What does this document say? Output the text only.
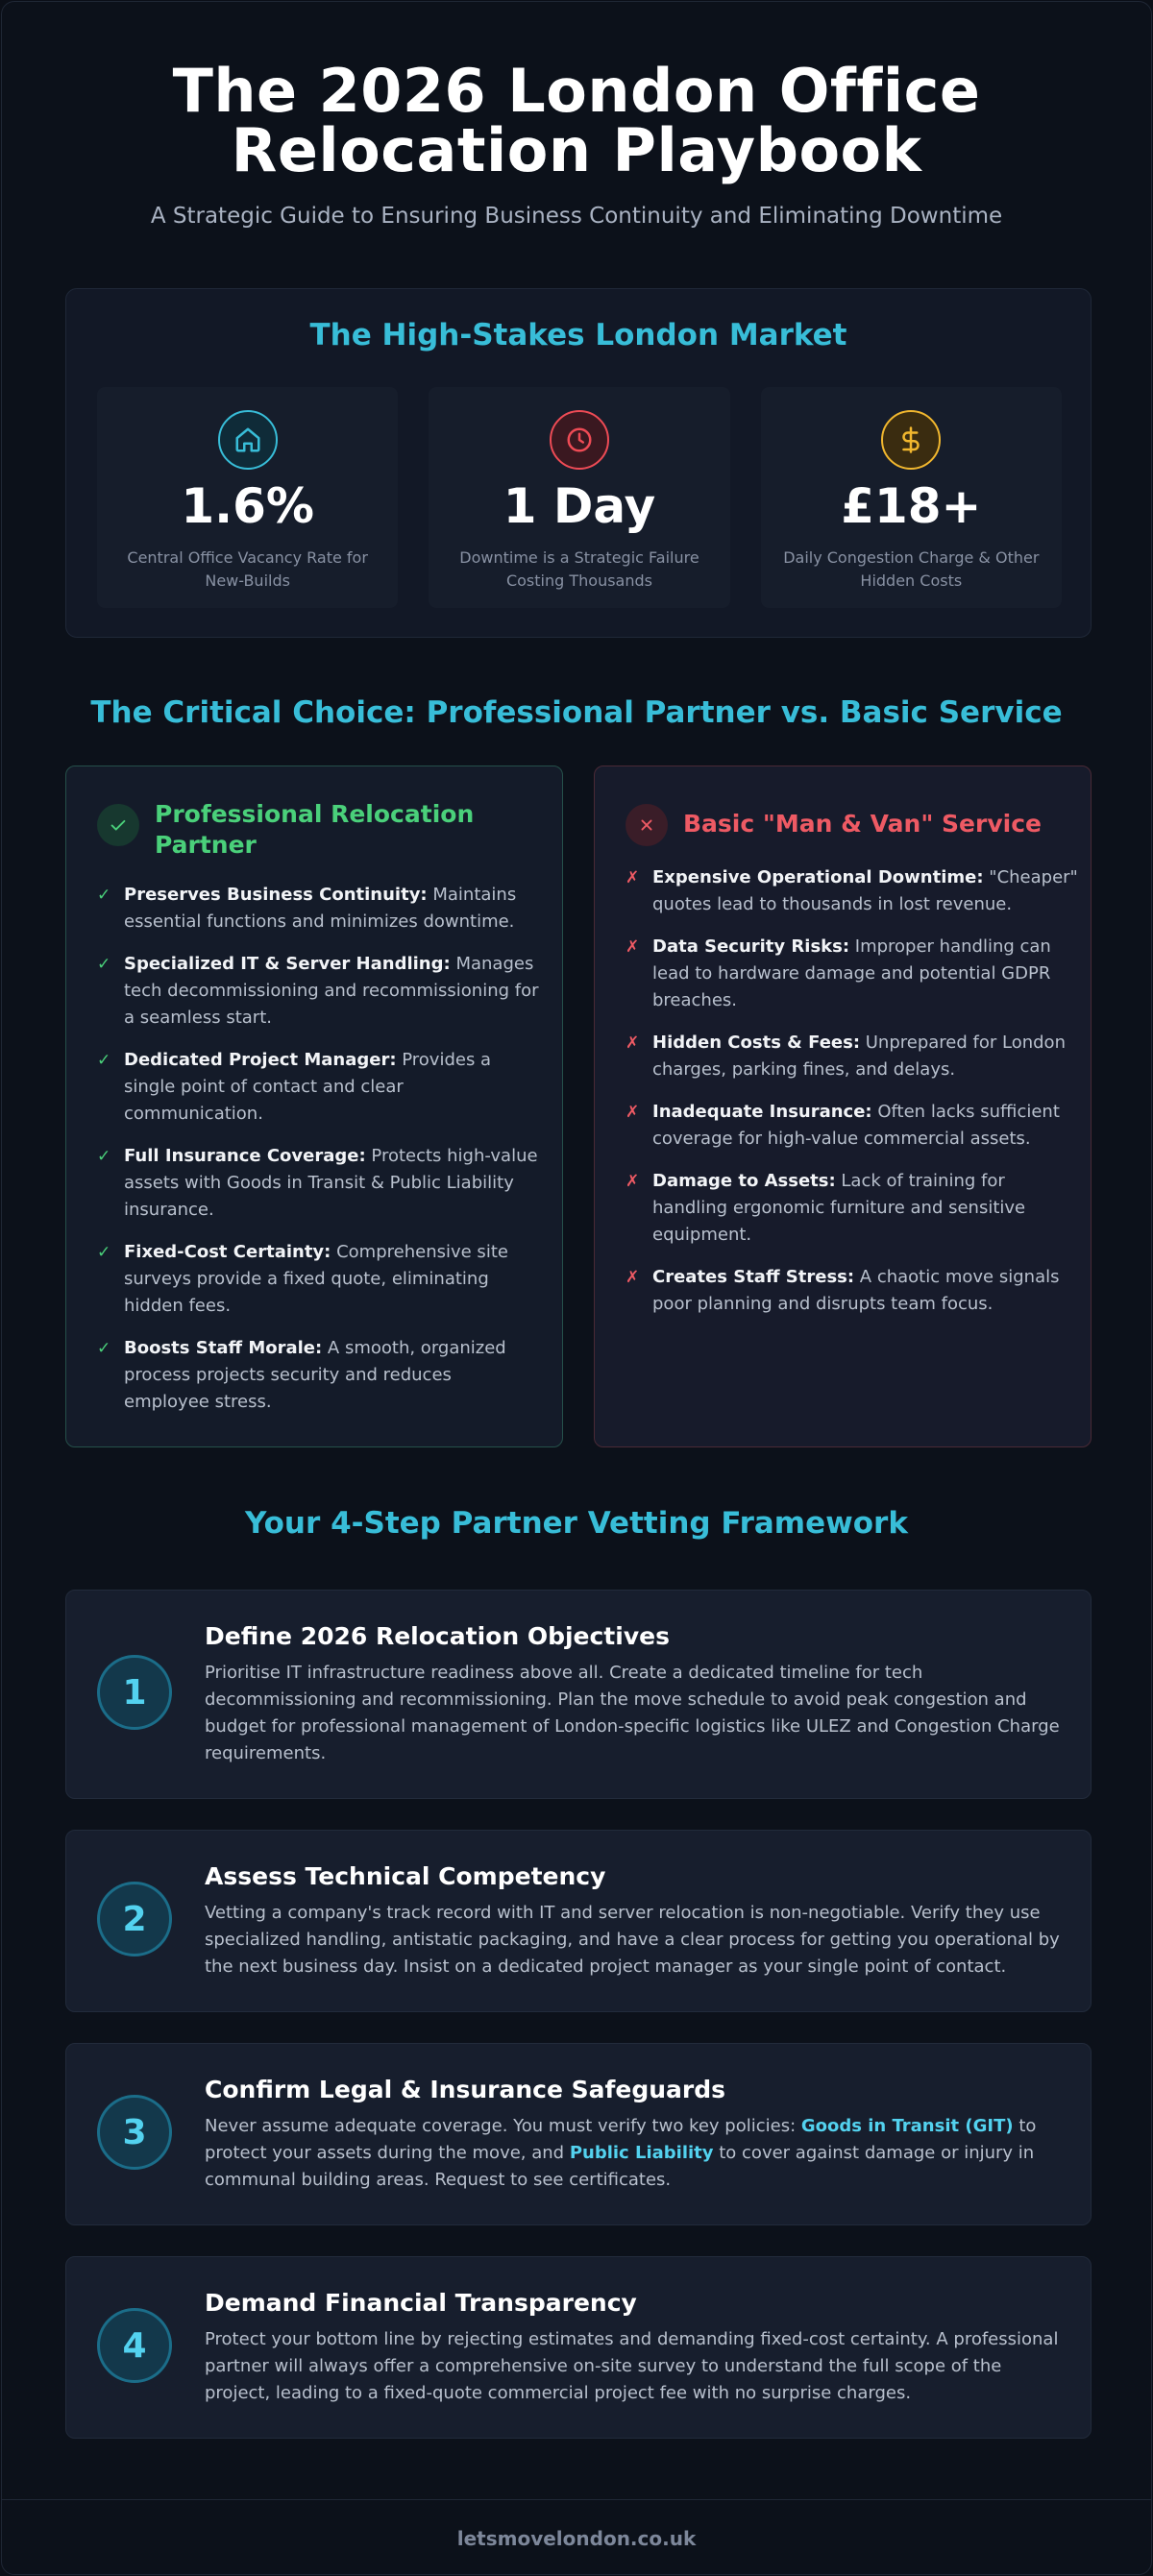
The 2026 London Office
Relocation Playbook

A Strategic Guide to Ensuring Business Continuity and Eliminating Downtime

The High-Stakes London Market
1.6%
Central Office Vacancy Rate for New-Builds
1 Day
Downtime is a Strategic Failure Costing Thousands
£18+
Daily Congestion Charge & Other Hidden Costs
The Critical Choice: Professional Partner vs. Basic Service
Professional Relocation Partner
✓ Preserves Business Continuity: Maintains essential functions and minimizes downtime.
✓ Specialized IT & Server Handling: Manages tech decommissioning and recommissioning for a seamless start.
✓ Dedicated Project Manager: Provides a single point of contact and clear communication.
✓ Full Insurance Coverage: Protects high-value assets with Goods in Transit & Public Liability insurance.
✓ Fixed-Cost Certainty: Comprehensive site surveys provide a fixed quote, eliminating hidden fees.
✓ Boosts Staff Morale: A smooth, organized process projects security and reduces employee stress.
Basic "Man & Van" Service
✗ Expensive Operational Downtime: "Cheaper" quotes lead to thousands in lost revenue.
✗ Data Security Risks: Improper handling can lead to hardware damage and potential GDPR breaches.
✗ Hidden Costs & Fees: Unprepared for London charges, parking fines, and delays.
✗ Inadequate Insurance: Often lacks sufficient coverage for high-value commercial assets.
✗ Damage to Assets: Lack of training for handling ergonomic furniture and sensitive equipment.
✗ Creates Staff Stress: A chaotic move signals poor planning and disrupts team focus.
Your 4-Step Partner Vetting Framework
1
Define 2026 Relocation Objectives
Prioritise IT infrastructure readiness above all. Create a dedicated timeline for tech decommissioning and recommissioning. Plan the move schedule to avoid peak congestion and budget for professional management of London-specific logistics like ULEZ and Congestion Charge requirements.
2
Assess Technical Competency
Vetting a company's track record with IT and server relocation is non-negotiable. Verify they use specialized handling, antistatic packaging, and have a clear process for getting you operational by the next business day. Insist on a dedicated project manager as your single point of contact.
3
Confirm Legal & Insurance Safeguards
Never assume adequate coverage. You must verify two key policies: Goods in Transit (GIT) to protect your assets during the move, and Public Liability to cover against damage or injury in communal building areas. Request to see certificates.
4
Demand Financial Transparency
Protect your bottom line by rejecting estimates and demanding fixed-cost certainty. A professional partner will always offer a comprehensive on-site survey to understand the full scope of the project, leading to a fixed-quote commercial project fee with no surprise charges.
letsmovelondon.co.uk
